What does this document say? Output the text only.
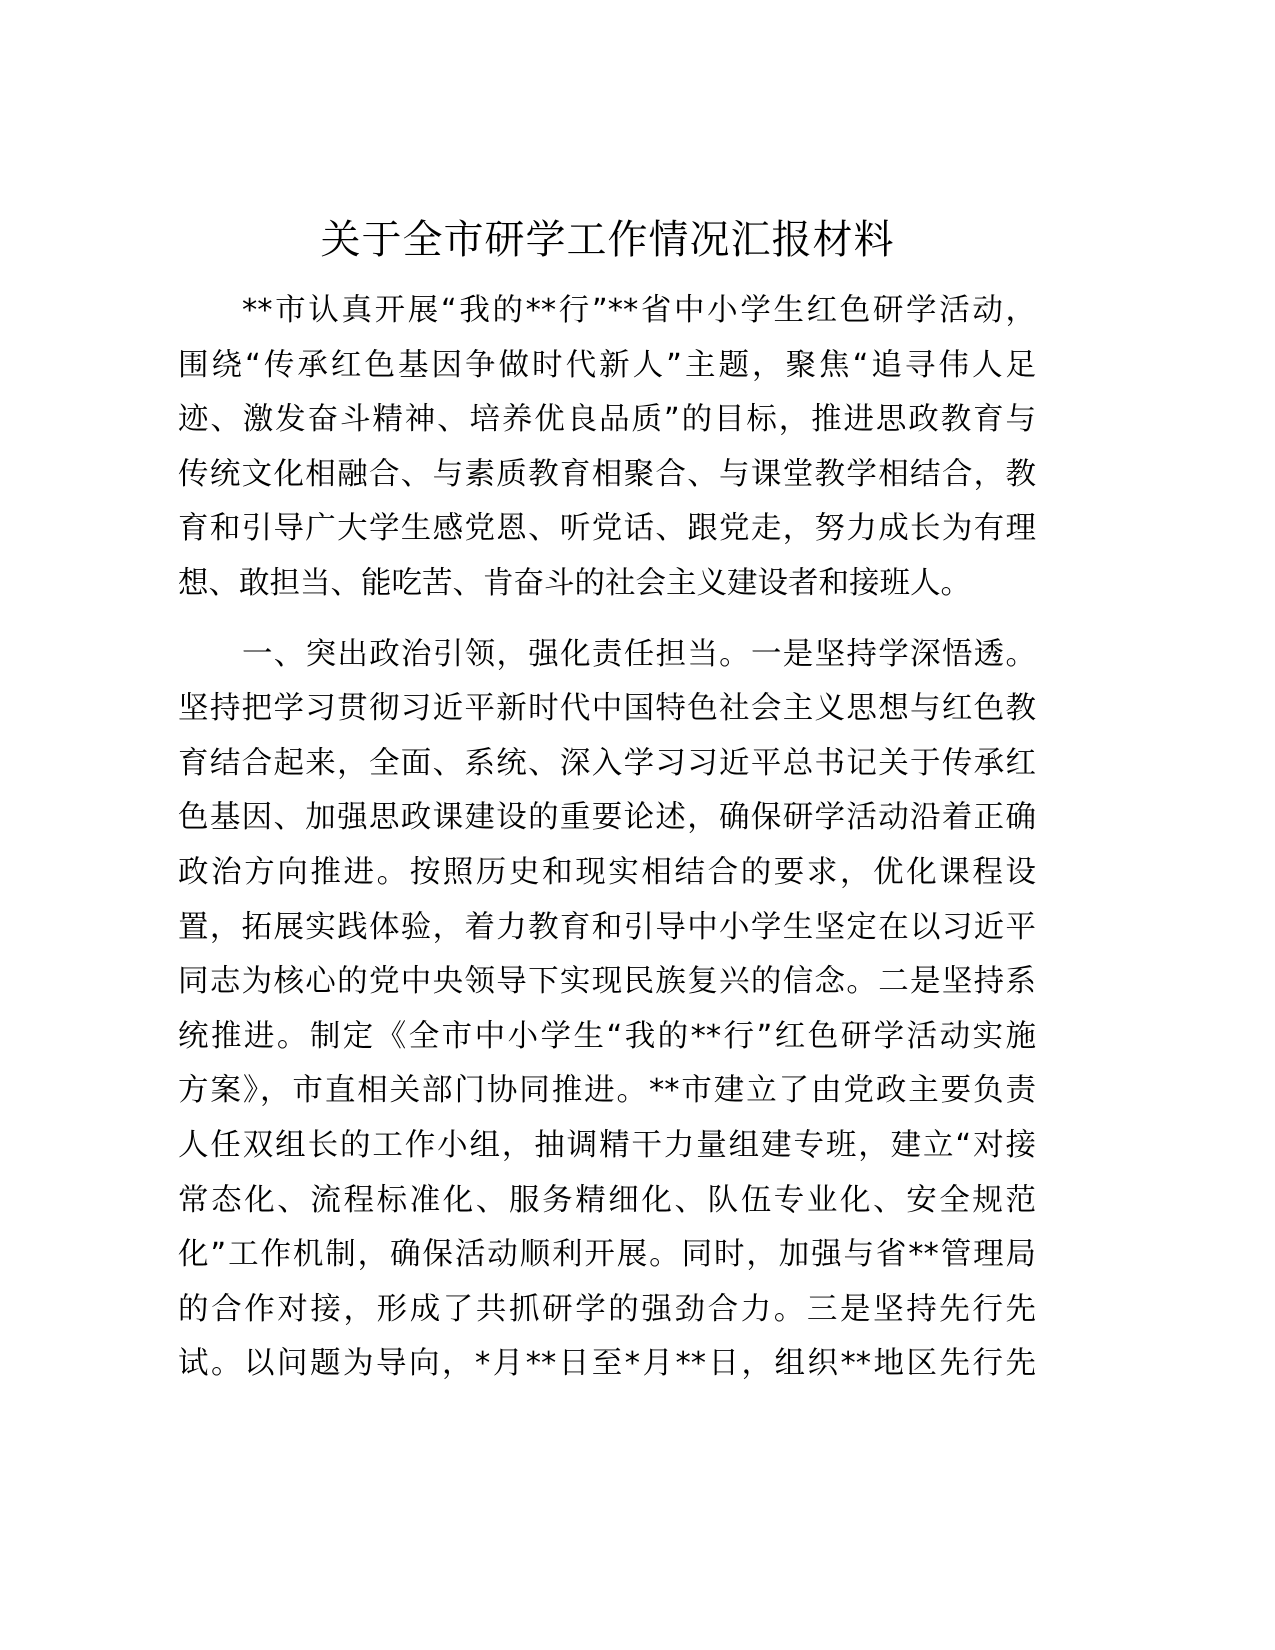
关于全市研学工作情况汇报材料
**市认真开展“我的**行”**省中小学生红色研学活动，
围绕“传承红色基因争做时代新人”主题，聚焦“追寻伟人足
迹、激发奋斗精神、培养优良品质”的目标，推进思政教育与
传统文化相融合、与素质教育相聚合、与课堂教学相结合，教
育和引导广大学生感党恩、听党话、跟党走，努力成长为有理
想、敢担当、能吃苦、肯奋斗的社会主义建设者和接班人。
一、突出政治引领，强化责任担当。一是坚持学深悟透。
坚持把学习贯彻习近平新时代中国特色社会主义思想与红色教
育结合起来，全面、系统、深入学习习近平总书记关于传承红
色基因、加强思政课建设的重要论述，确保研学活动沿着正确
政治方向推进。按照历史和现实相结合的要求，优化课程设
置，拓展实践体验，着力教育和引导中小学生坚定在以习近平
同志为核心的党中央领导下实现民族复兴的信念。二是坚持系
统推进。制定《全市中小学生“我的**行”红色研学活动实施
方案》，市直相关部门协同推进。**市建立了由党政主要负责
人任双组长的工作小组，抽调精干力量组建专班，建立“对接
常态化、流程标准化、服务精细化、队伍专业化、安全规范
化”工作机制，确保活动顺利开展。同时，加强与省**管理局
的合作对接，形成了共抓研学的强劲合力。三是坚持先行先
试。以问题为导向，*月**日至*月**日，组织**地区先行先
